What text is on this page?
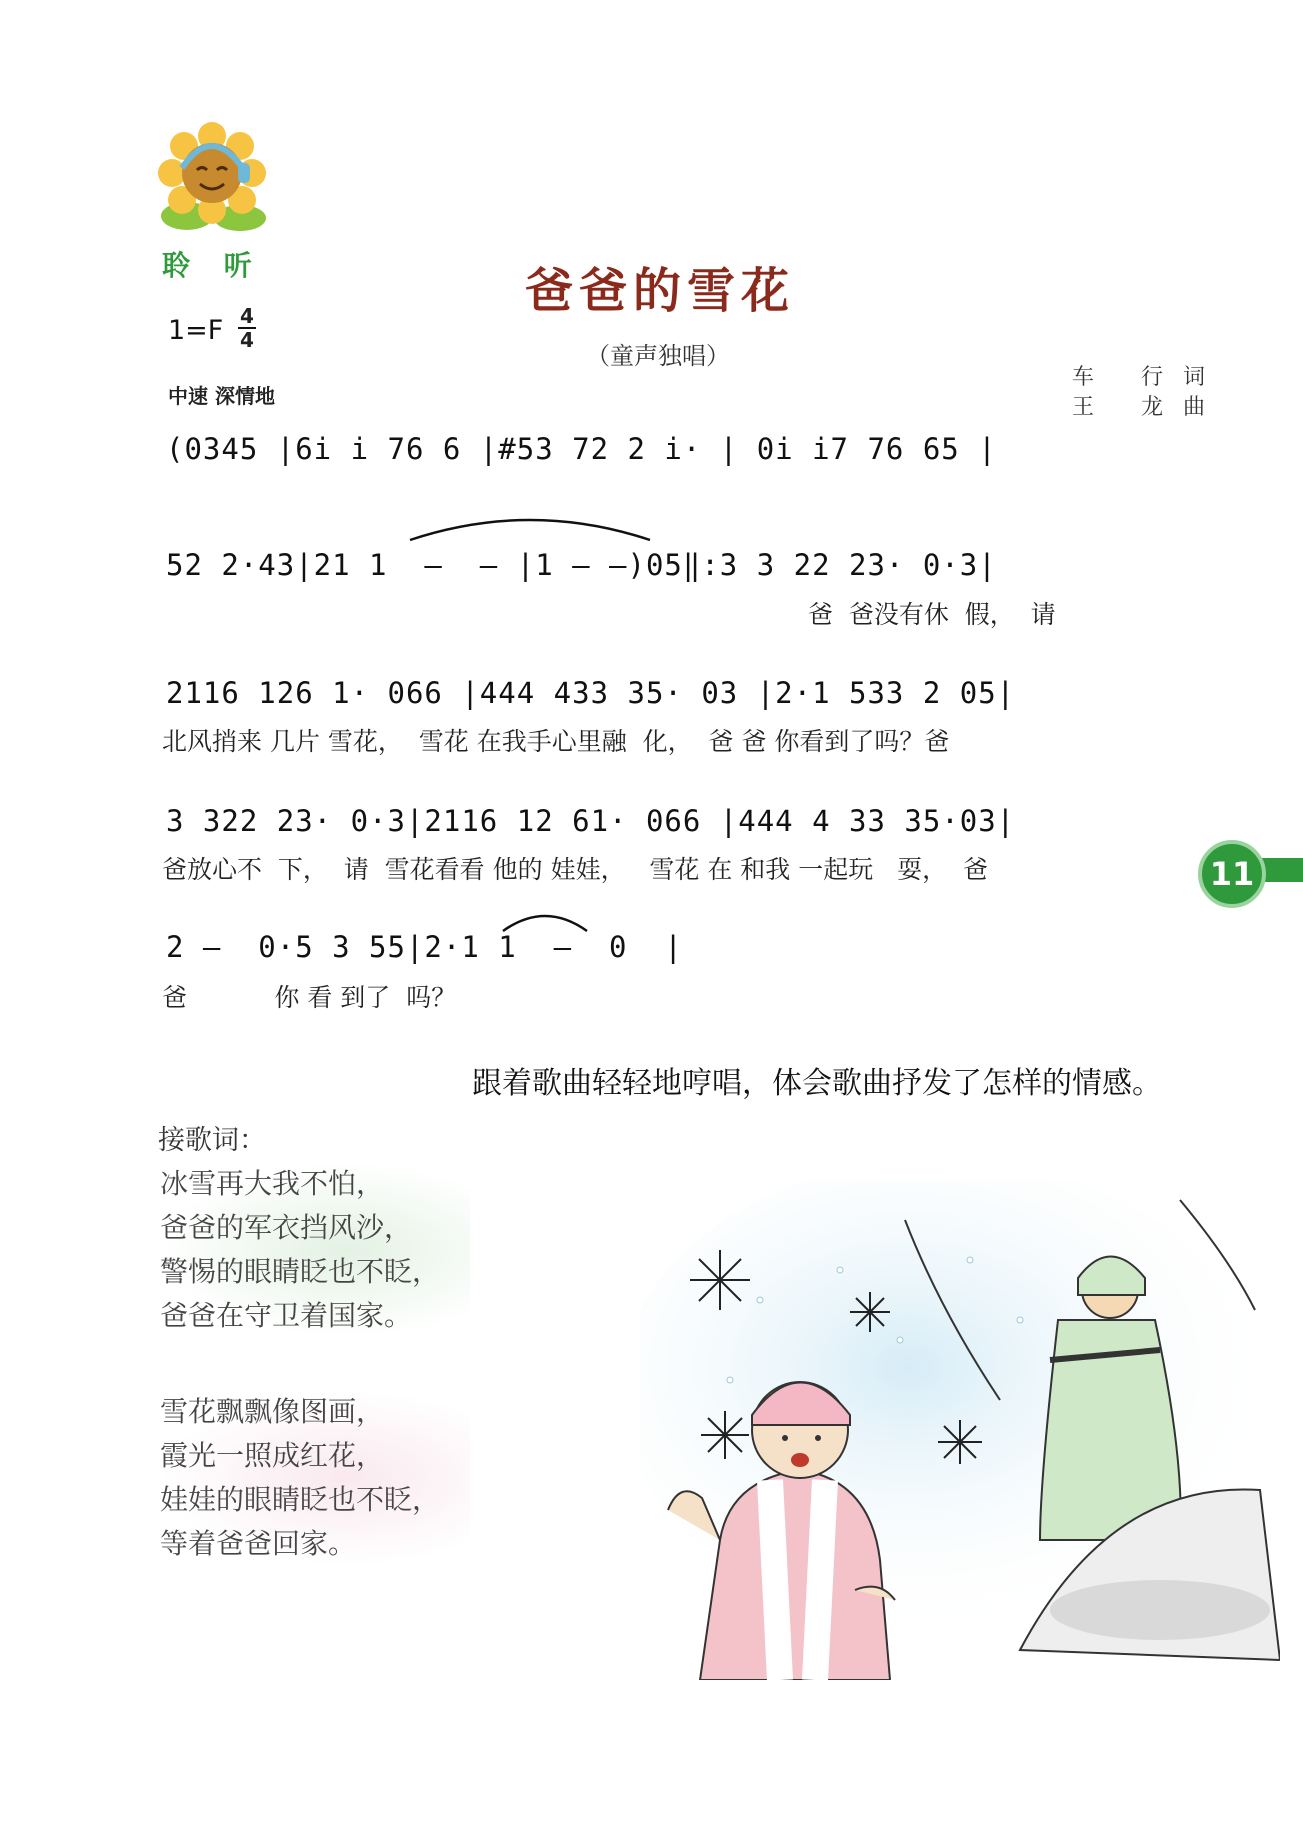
聆 听	爸爸的雪花
（童声独唱）
1=F 4
4
中速 深情地
车 行词
王 龙曲
(0345 |6i i 76 6 |#53 72 2 i· | 0i i7 76 65 |
52 2·43|21 1  –  – |1 – –)05‖:3 3 22 23· 0·3|
爸  爸没有休  假，  请
2116 126 1· 066 |444 433 35· 03 |2·1 533 2 05|
北风捎来 几片 雪花，  雪花 在我手心里融  化，  爸 爸 你看到了吗？爸
3 322 23· 0·3|2116 12 61· 066 |444 4 33 35·03|
爸放心不  下，  请  雪花看看 他的 娃娃，   雪花 在 和我 一起玩   耍，  爸
2 –  0·5 3 55|2·1 1  –  0  |
爸           你 看 到了  吗？
11
跟着歌曲轻轻地哼唱，体会歌曲抒发了怎样的情感。
接歌词：
冰雪再大我不怕，
爸爸的军衣挡风沙，
警惕的眼睛眨也不眨，
爸爸在守卫着国家。
雪花飘飘像图画，
霞光一照成红花，
娃娃的眼睛眨也不眨，
等着爸爸回家。
